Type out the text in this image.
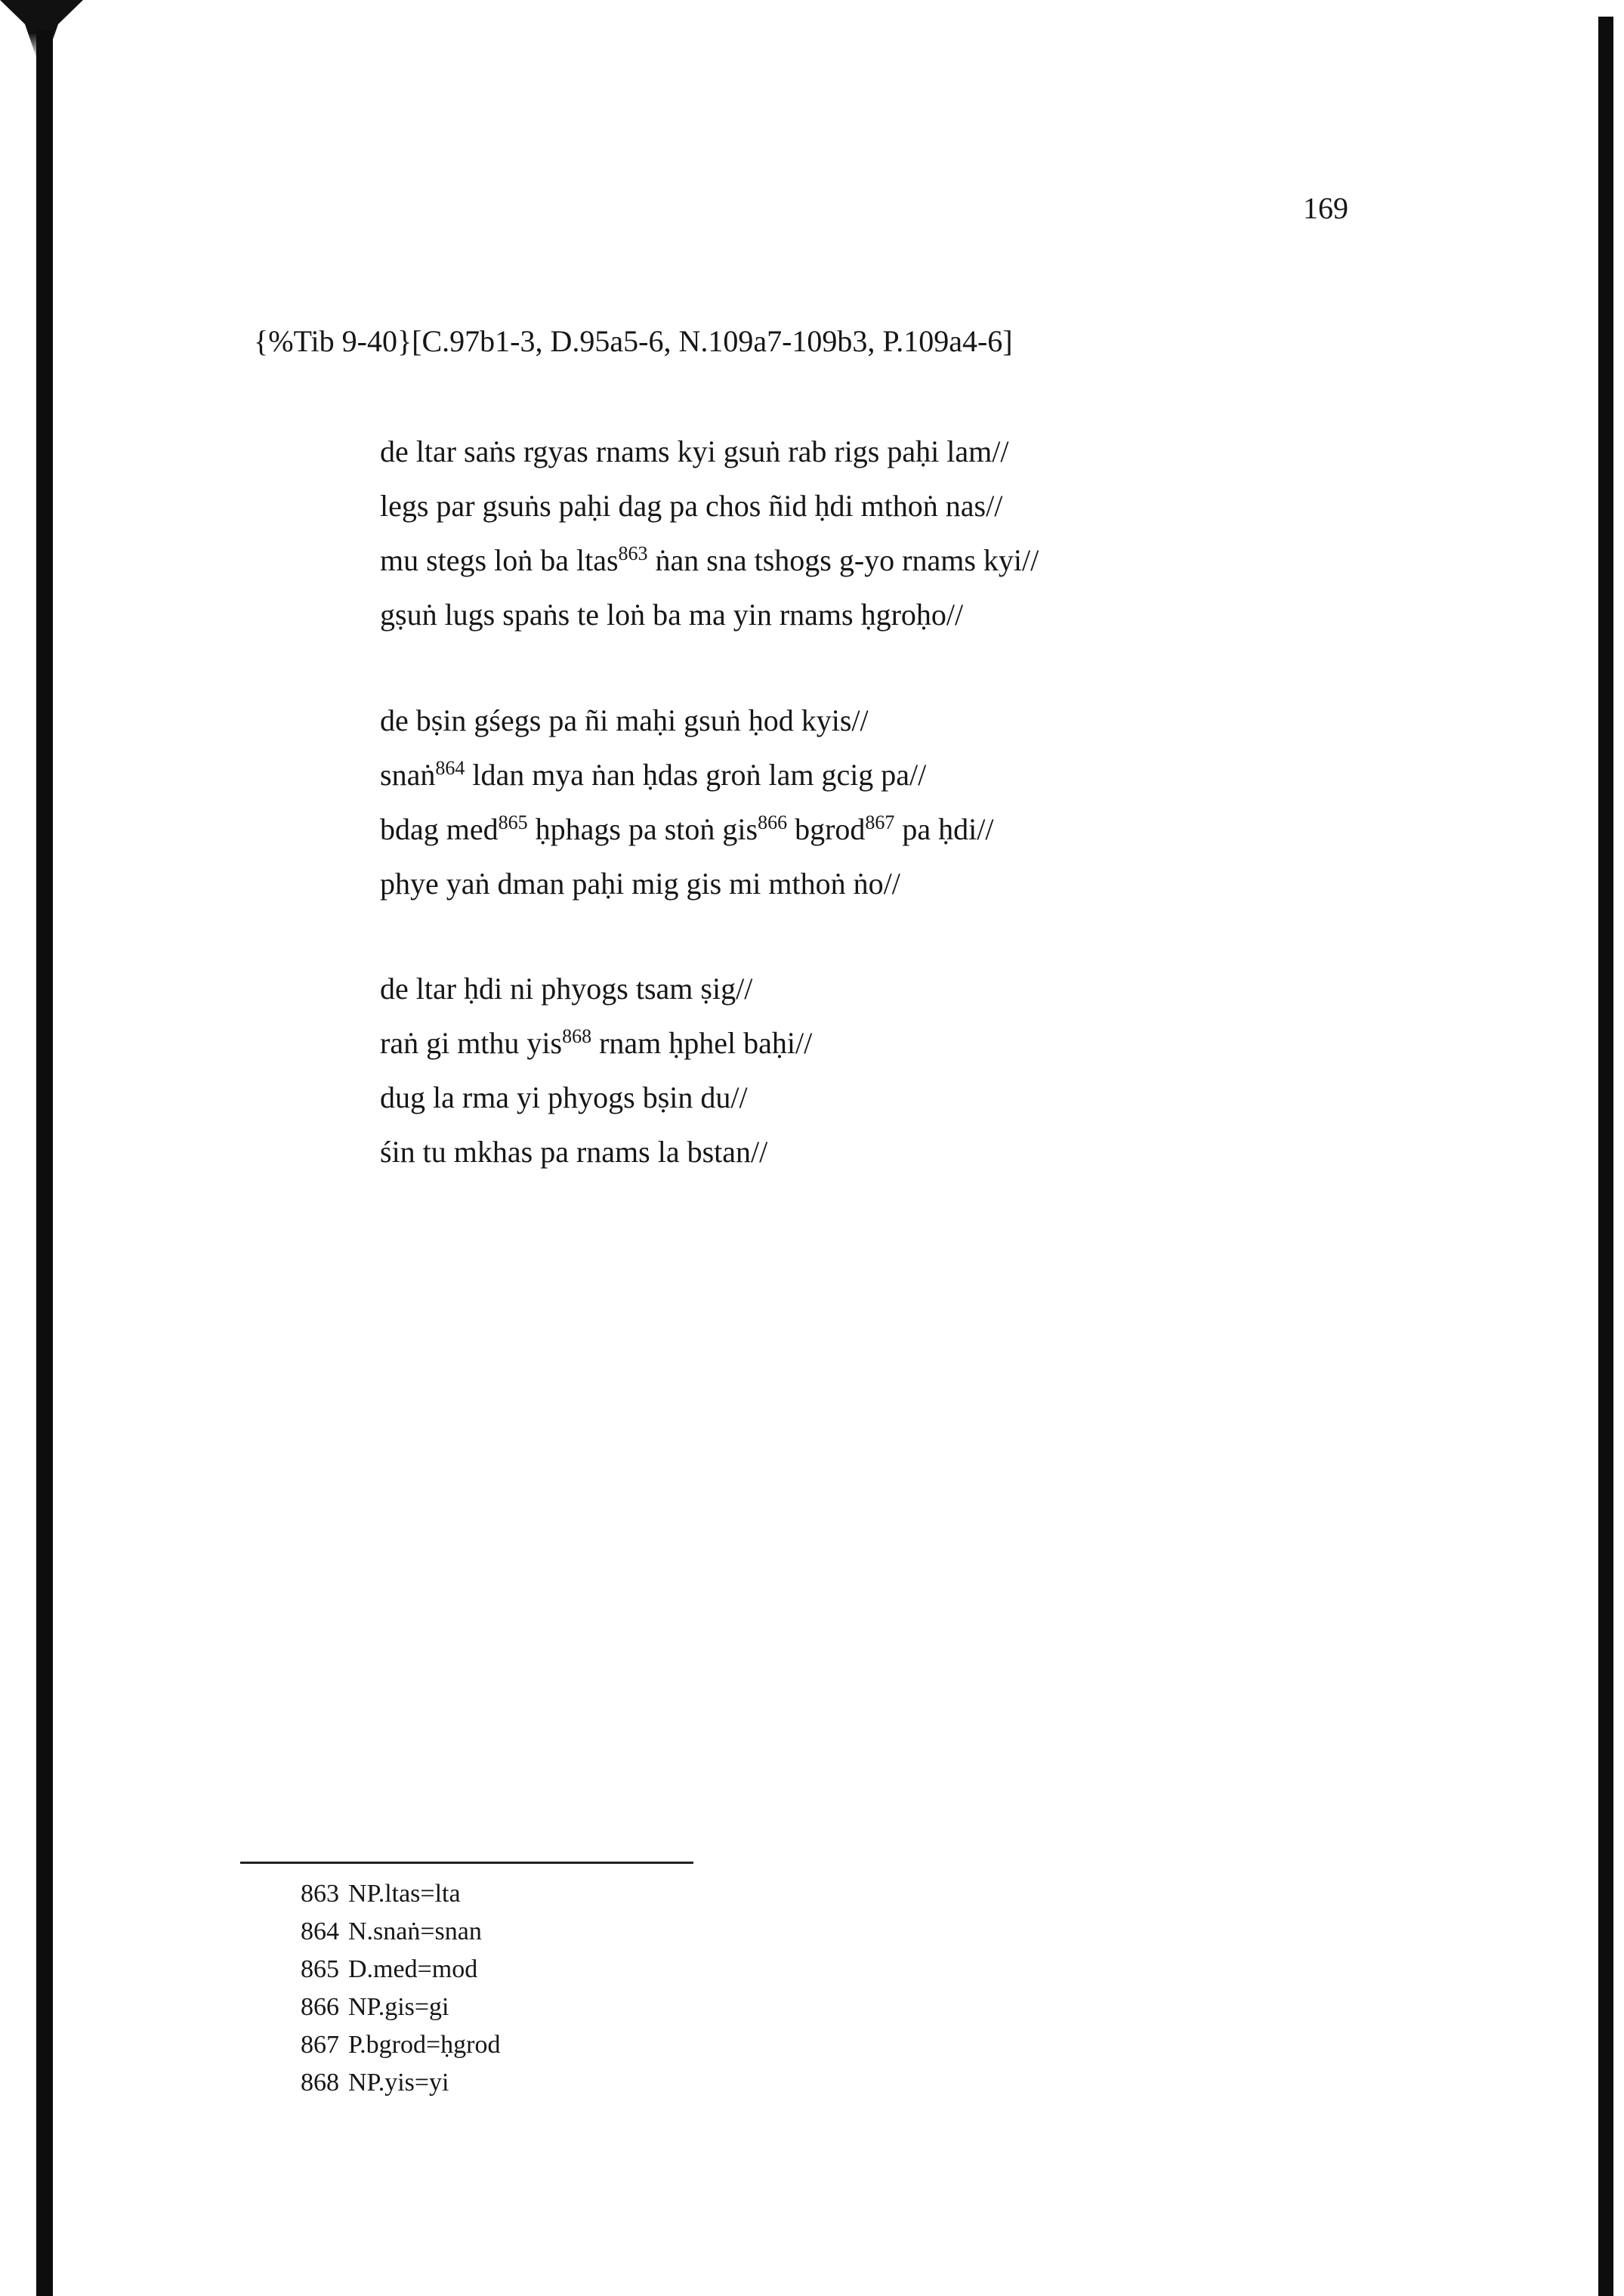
169
{%Tib 9-40}[C.97b1-3, D.95a5-6, N.109a7-109b3, P.109a4-6]
de ltar saṅs rgyas rnams kyi gsuṅ rab rigs paḥi lam//
legs par gsuṅs paḥi dag pa chos ñid ḥdi mthoṅ nas//
mu stegs loṅ ba ltas$^{863}$ ṅan sna tshogs g-yo rnams kyi//
gṣuṅ lugs spaṅs te loṅ ba ma yin rnams ḥgroḥo//
de bṣin gśegs pa ñi maḥi gsuṅ ḥod kyis//
snaṅ$^{864}$ ldan mya ṅan ḥdas groṅ lam gcig pa//
bdag med$^{865}$ ḥphags pa stoṅ gis$^{866}$ bgrod$^{867}$ pa ḥdi//
phye yaṅ dman paḥi mig gis mi mthoṅ ṅo//
de ltar ḥdi ni phyogs tsam ṣig//
raṅ gi mthu yis$^{868}$ rnam ḥphel baḥi//
dug la rma yi phyogs bṣin du//
śin tu mkhas pa rnams la bstan//
863 NP.ltas=lta
864 N.snaṅ=snan
865 D.med=mod
866 NP.gis=gi
867 P.bgrod=ḥgrod
868 NP.yis=yi
